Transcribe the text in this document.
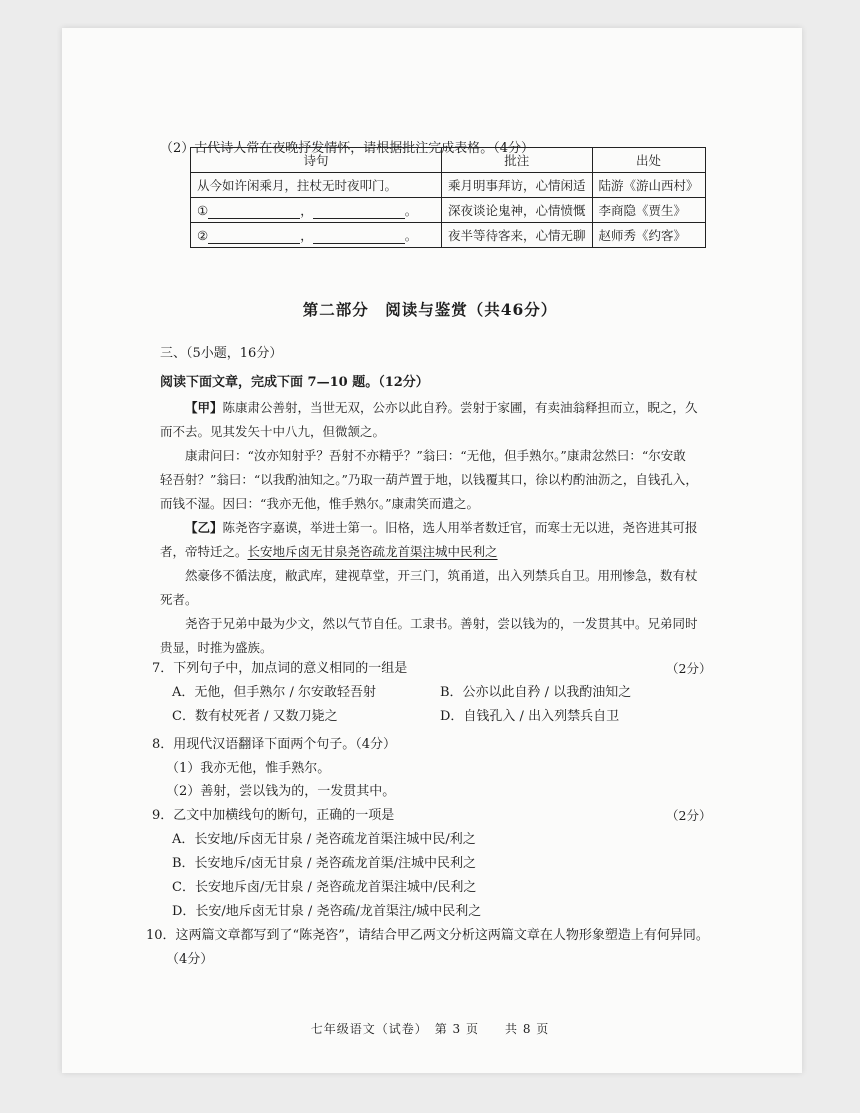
（2）古代诗人常在夜晚抒发情怀，请根据批注完成表格。（4分）
诗句	批注	出处
从今如许闲乘月，拄杖无时夜叩门。	乘月明事拜访，心情闲适	陆游《游山西村》
① ， 。	深夜谈论鬼神，心情愤慨	李商隐《贾生》
② ， 。	夜半等待客来，心情无聊	赵师秀《约客》
第二部分　阅读与鉴赏（共46分）
三、（5小题，16分）
阅读下面文章，完成下面 7—10 题。（12分）

【甲】陈康肃公善射，当世无双，公亦以此自矜。尝射于家圃，有卖油翁释担而立，睨之，久

而不去。见其发矢十中八九，但微颔之。

康肃问曰：“汝亦知射乎？吾射不亦精乎？”翁曰：“无他，但手熟尔。”康肃忿然曰：“尔安敢

轻吾射？”翁曰：“以我酌油知之。”乃取一葫芦置于地，以钱覆其口，徐以杓酌油沥之，自钱孔入，

而钱不湿。因曰：“我亦无他，惟手熟尔。”康肃笑而遣之。

【乙】陈尧咨字嘉谟，举进士第一。旧格，选人用举者数迁官，而寒士无以进，尧咨进其可报

者，帝特迁之。长安地斥卤无甘泉尧咨疏龙首渠注城中民利之

然豪侈不循法度，敝武库，建视草堂，开三门，筑甬道，出入列禁兵自卫。用刑惨急，数有杖

死者。

尧咨于兄弟中最为少文，然以气节自任。工隶书。善射，尝以钱为的，一发贯其中。兄弟同时

贵显，时推为盛族。

7．下列句子中，加点词的意义相同的一组是	（2分）
A．无他，但手熟尔 / 尔安敢轻吾射	B．公亦以此自矜 / 以我酌油知之
C．数有杖死者 / 又数刀毙之	D．自钱孔入 / 出入列禁兵自卫
8．用现代汉语翻译下面两个句子。（4分）
（1）我亦无他，惟手熟尔。
（2）善射，尝以钱为的，一发贯其中。
9．乙文中加横线句的断句，正确的一项是	（2分）
A．长安地/斥卤无甘泉 / 尧咨疏龙首渠注城中民/利之
B．长安地斥/卤无甘泉 / 尧咨疏龙首渠/注城中民利之
C．长安地斥卤/无甘泉 / 尧咨疏龙首渠注城中/民利之
D．长安/地斥卤无甘泉 / 尧咨疏/龙首渠注/城中民利之
10．这两篇文章都写到了“陈尧咨”，请结合甲乙两文分析这两篇文章在人物形象塑造上有何异同。
（4分）
七年级语文（试卷）　第 3 页　　共 8 页
